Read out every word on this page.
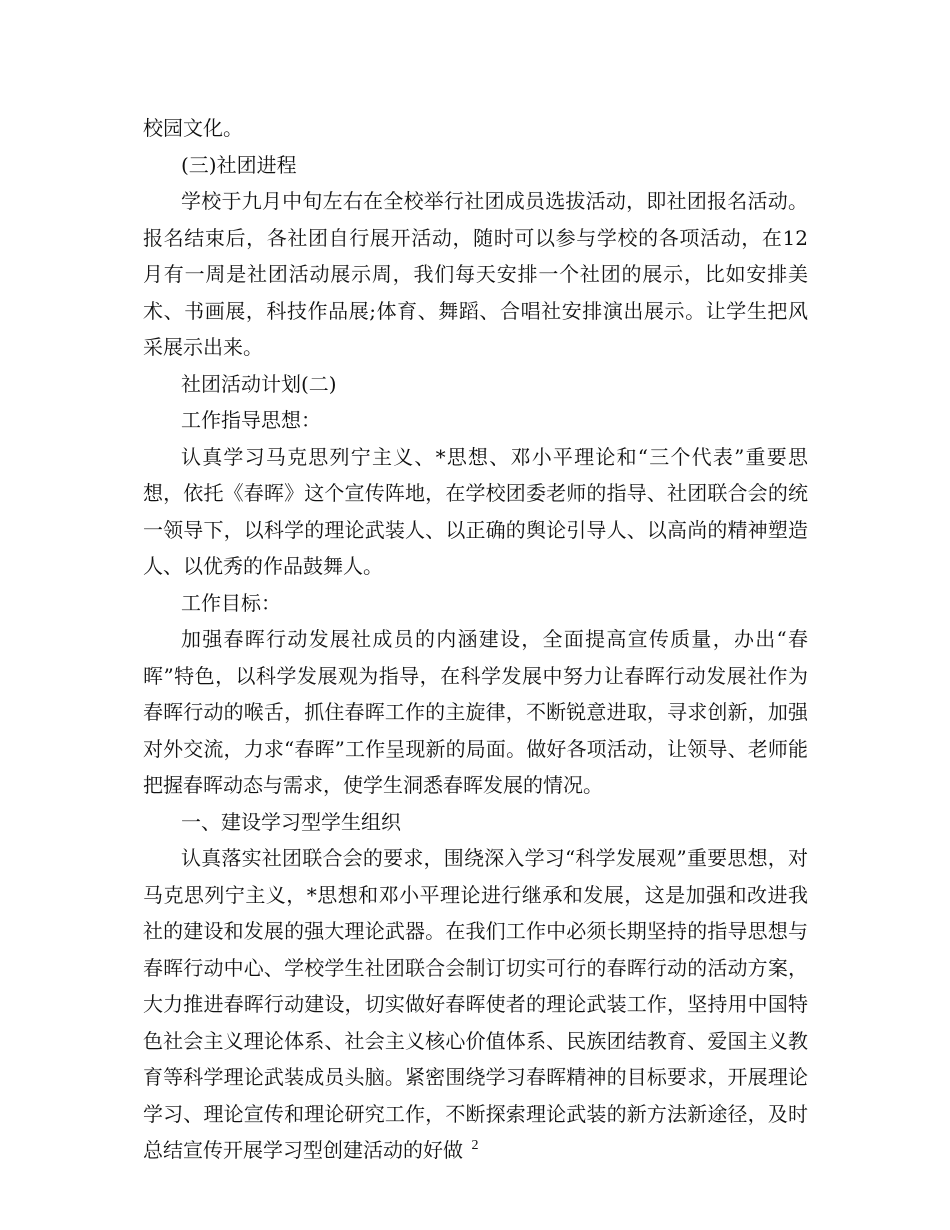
校园文化。

(三)社团进程

学校于九月中旬左右在全校举行社团成员选拔活动，即社团报名活动。报名结束后，各社团自行展开活动，随时可以参与学校的各项活动，在12月有一周是社团活动展示周，我们每天安排一个社团的展示，比如安排美术、书画展，科技作品展;体育、舞蹈、合唱社安排演出展示。让学生把风采展示出来。

社团活动计划(二)

工作指导思想：

认真学习马克思列宁主义、*思想、邓小平理论和“三个代表”重要思想，依托《春晖》这个宣传阵地，在学校团委老师的指导、社团联合会的统一领导下，以科学的理论武装人、以正确的舆论引导人、以高尚的精神塑造人、以优秀的作品鼓舞人。

工作目标：

加强春晖行动发展社成员的内涵建设，全面提高宣传质量，办出“春晖”特色，以科学发展观为指导，在科学发展中努力让春晖行动发展社作为春晖行动的喉舌，抓住春晖工作的主旋律，不断锐意进取，寻求创新，加强对外交流，力求“春晖”工作呈现新的局面。做好各项活动，让领导、老师能把握春晖动态与需求，使学生洞悉春晖发展的情况。

一、建设学习型学生组织

认真落实社团联合会的要求，围绕深入学习“科学发展观”重要思想，对马克思列宁主义，*思想和邓小平理论进行继承和发展，这是加强和改进我社的建设和发展的强大理论武器。在我们工作中必须长期坚持的指导思想与春晖行动中心、学校学生社团联合会制订切实可行的春晖行动的活动方案，大力推进春晖行动建设，切实做好春晖使者的理论武装工作，坚持用中国特色社会主义理论体系、社会主义核心价值体系、民族团结教育、爱国主义教育等科学理论武装成员头脑。紧密围绕学习春晖精神的目标要求，开展理论学习、理论宣传和理论研究工作，不断探索理论武装的新方法新途径，及时总结宣传开展学习型创建活动的好做 2
